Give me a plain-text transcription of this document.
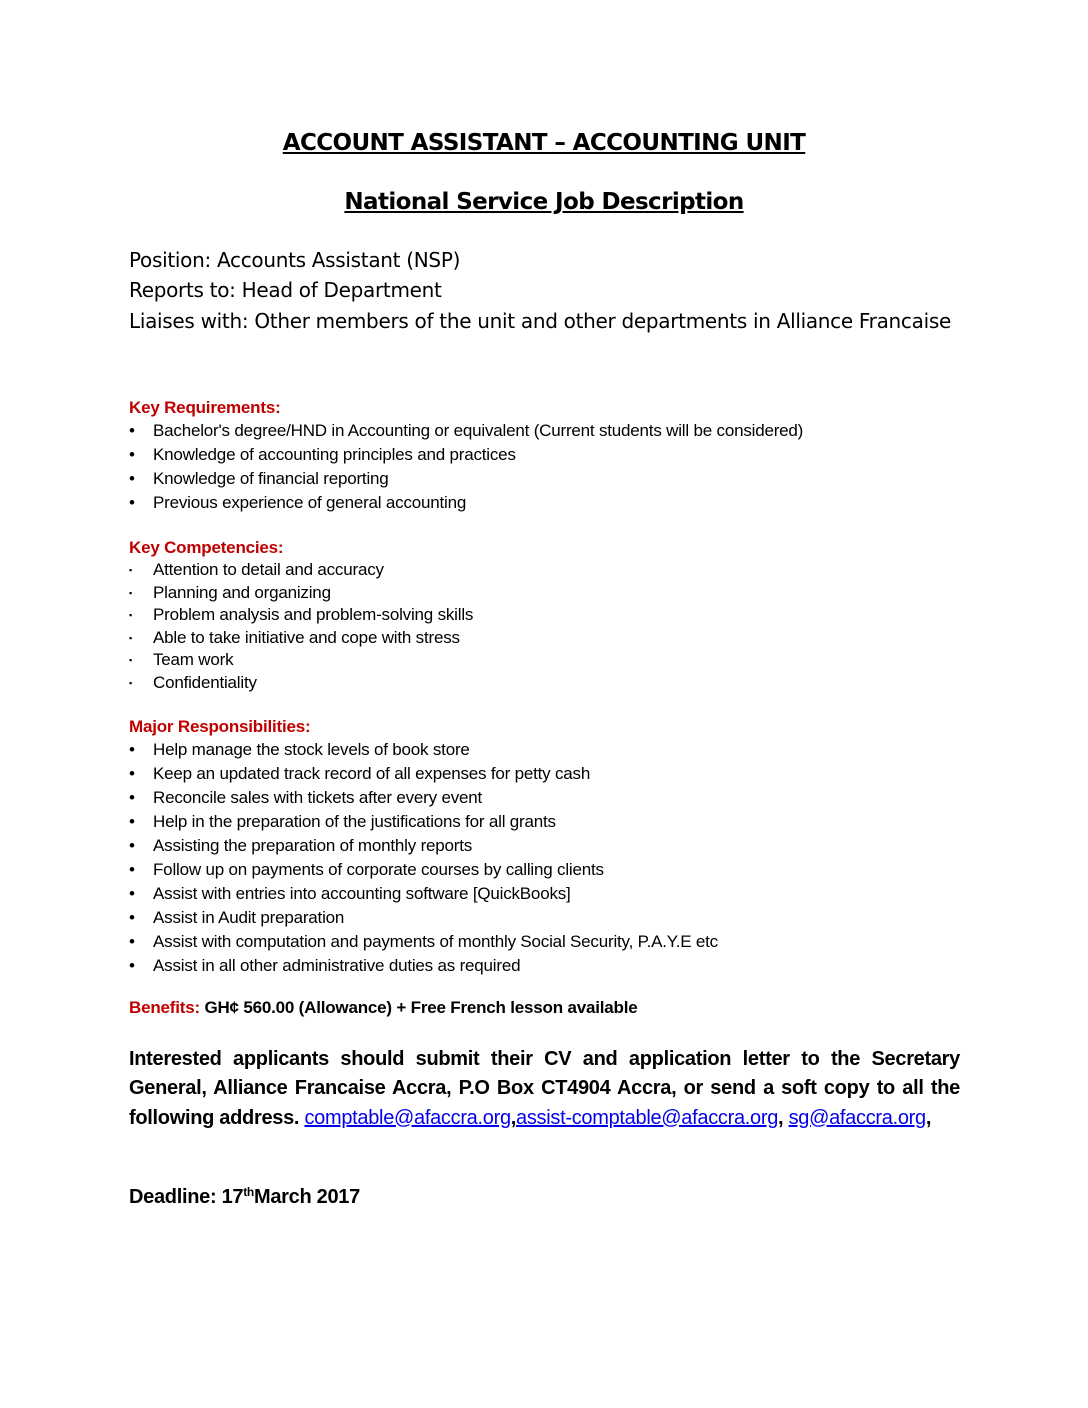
ACCOUNT ASSISTANT – ACCOUNTING UNIT
National Service Job Description
Position: Accounts Assistant (NSP)
Reports to: Head of Department
Liaises with: Other members of the unit and other departments in Alliance Francaise
Key Requirements:
•	Bachelor's degree/HND in Accounting or equivalent (Current students will be considered)
•	Knowledge of accounting principles and practices
•	Knowledge of financial reporting
•	Previous experience of general accounting
Key Competencies:
▪	Attention to detail and accuracy
▪	Planning and organizing
▪	Problem analysis and problem-solving skills
▪	Able to take initiative and cope with stress
▪	Team work
▪	Confidentiality
Major Responsibilities:
•	Help manage the stock levels of book store
•	Keep an updated track record of all expenses for petty cash
•	Reconcile sales with tickets after every event
•	Help in the preparation of the justifications for all grants
•	Assisting the preparation of monthly reports
•	Follow up on payments of corporate courses by calling clients
•	Assist with entries into accounting software [QuickBooks]
•	Assist in Audit preparation
•	Assist with computation and payments of monthly Social Security, P.A.Y.E etc
•	Assist in all other administrative duties as required
Benefits: GH¢ 560.00 (Allowance) + Free French lesson available
Interested applicants should submit their CV and application letter to the Secretary General, Alliance Francaise Accra, P.O Box CT4904 Accra, or send a soft copy to all the following address. comptable@afaccra.org,assist-comptable@afaccra.org, sg@afaccra.org,
Deadline: 17thMarch 2017
